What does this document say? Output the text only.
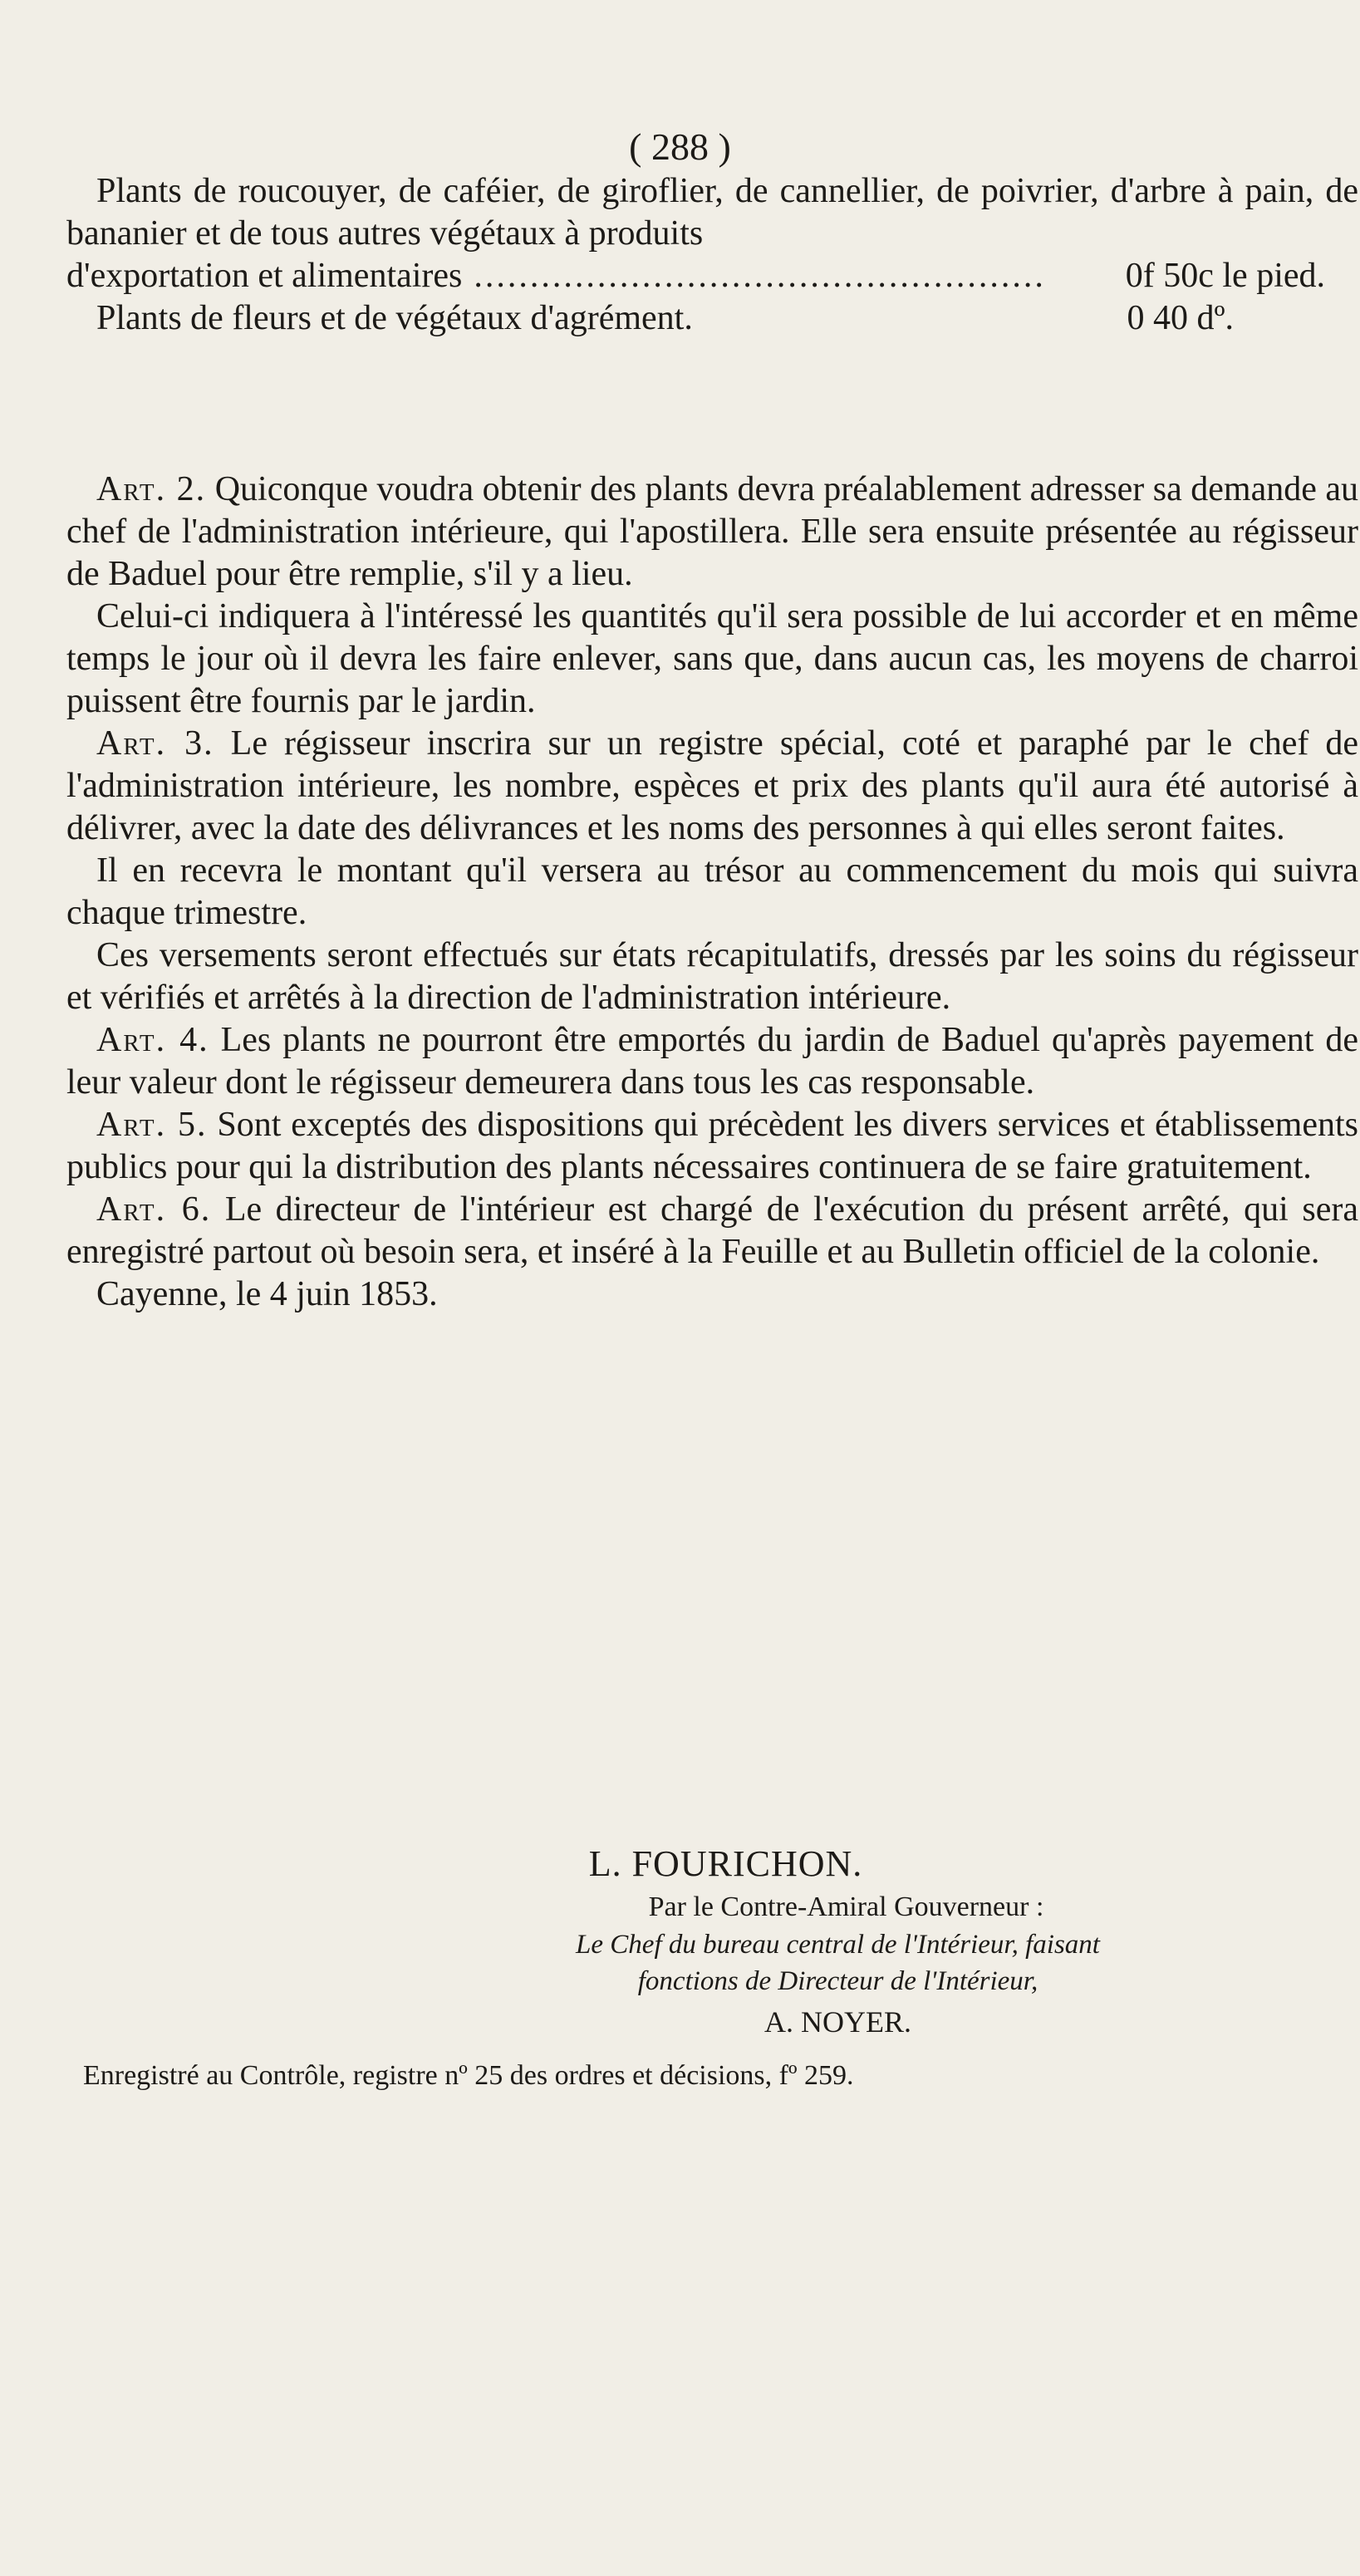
( 288 )

Plants de roucouyer, de caféier, de giroflier, de cannellier, de poivrier, d'arbre à pain, de bananier et de tous autres végétaux à produits

d'exportation et alimentaires ...................................................	0f 50c le pied.
Plants de fleurs et de végétaux d'agrément.	0 40 dº.

Art. 2. Quiconque voudra obtenir des plants devra préalablement adresser sa demande au chef de l'administration intérieure, qui l'apostillera. Elle sera ensuite présentée au régisseur de Baduel pour être remplie, s'il y a lieu.

Celui-ci indiquera à l'intéressé les quantités qu'il sera possible de lui accorder et en même temps le jour où il devra les faire enlever, sans que, dans aucun cas, les moyens de charroi puissent être fournis par le jardin.

Art. 3. Le régisseur inscrira sur un registre spécial, coté et paraphé par le chef de l'administration intérieure, les nombre, espèces et prix des plants qu'il aura été autorisé à délivrer, avec la date des délivrances et les noms des personnes à qui elles seront faites.

Il en recevra le montant qu'il versera au trésor au commencement du mois qui suivra chaque trimestre.

Ces versements seront effectués sur états récapitulatifs, dressés par les soins du régisseur et vérifiés et arrêtés à la direction de l'administration intérieure.

Art. 4. Les plants ne pourront être emportés du jardin de Baduel qu'après payement de leur valeur dont le régisseur demeurera dans tous les cas responsable.

Art. 5. Sont exceptés des dispositions qui précèdent les divers services et établissements publics pour qui la distribution des plants nécessaires continuera de se faire gratuitement.

Art. 6. Le directeur de l'intérieur est chargé de l'exécution du présent arrêté, qui sera enregistré partout où besoin sera, et inséré à la Feuille et au Bulletin officiel de la colonie.

Cayenne, le 4 juin 1853.

L. FOURICHON.
Par le Contre-Amiral Gouverneur :
Le Chef du bureau central de l'Intérieur, faisant
fonctions de Directeur de l'Intérieur,
A. NOYER.
Enregistré au Contrôle, registre nº 25 des ordres et décisions, fº 259.
